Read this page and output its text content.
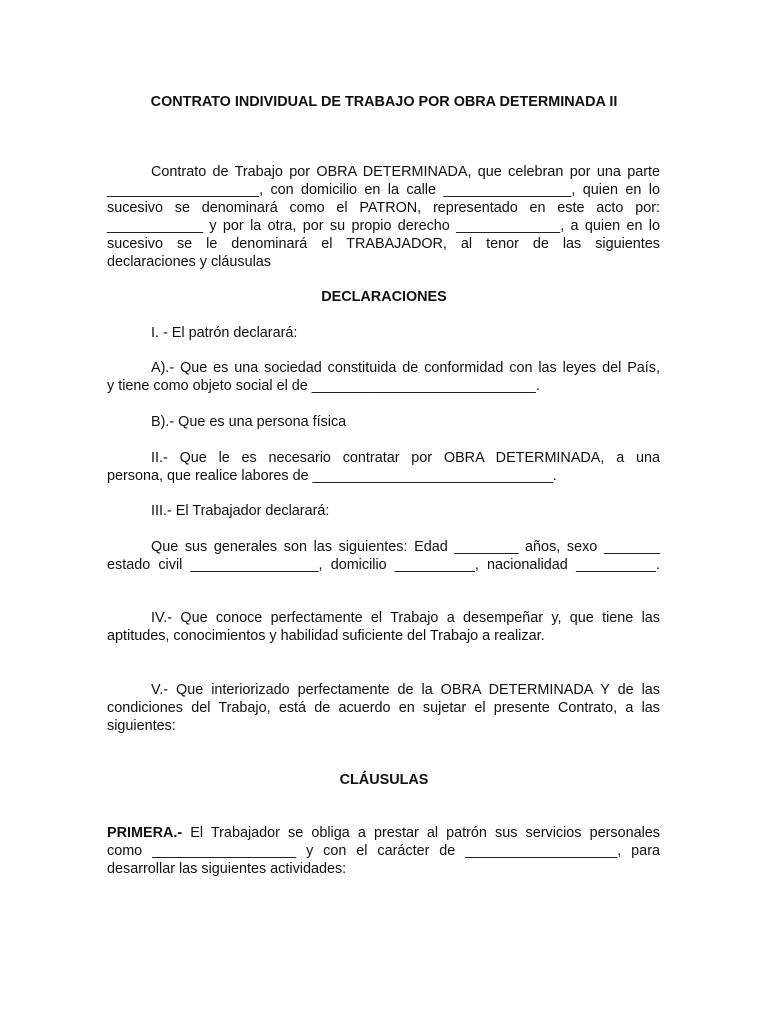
CONTRATO INDIVIDUAL DE TRABAJO POR OBRA DETERMINADA II
Contrato de Trabajo por OBRA DETERMINADA, que celebran por una parte
___________________, con domicilio en la calle ________________, quien en lo
sucesivo se denominará como el PATRON, representado en este acto por:
____________ y por la otra, por su propio derecho _____________, a quien en lo
sucesivo se le denominará el TRABAJADOR, al tenor de las siguientes
declaraciones y cláusulas
DECLARACIONES
I. - El patrón declarará:
A).- Que es una sociedad constituida de conformidad con las leyes del País,
y tiene como objeto social el de ____________________________.
B).- Que es una persona física
II.- Que le es necesario contratar por OBRA DETERMINADA, a una
persona, que realice labores de ______________________________.
III.- El Trabajador declarará:
Que sus generales son las siguientes: Edad ________ años, sexo _______
estado civil ________________, domicilio __________, nacionalidad __________.
IV.- Que conoce perfectamente el Trabajo a desempeñar y, que tiene las
aptitudes, conocimientos y habilidad suficiente del Trabajo a realizar.
V.- Que interiorizado perfectamente de la OBRA DETERMINADA Y de las
condiciones del Trabajo, está de acuerdo en sujetar el presente Contrato, a las
siguientes:
CLÁUSULAS
PRIMERA.- El Trabajador se obliga a prestar al patrón sus servicios personales
como __________________ y con el carácter de ___________________, para
desarrollar las siguientes actividades:
